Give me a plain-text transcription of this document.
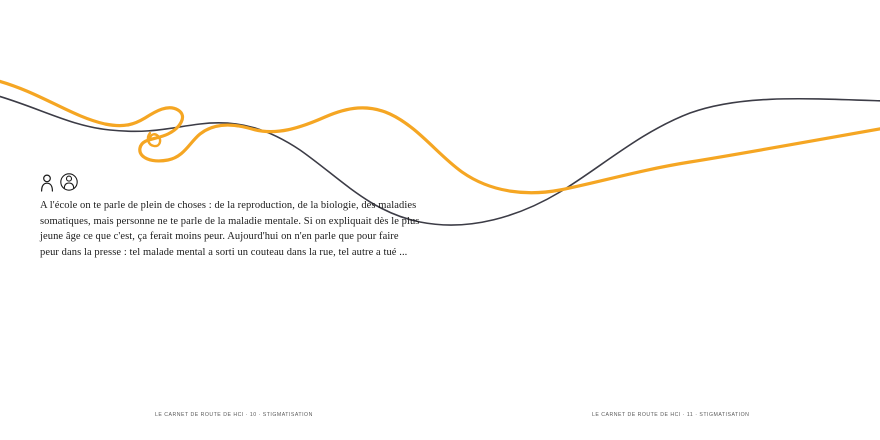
A l'école on te parle de plein de choses : de la reproduction, de la biologie, des maladies somatiques, mais personne ne te parle de la maladie mentale. Si on expliquait dès le plus jeune âge ce que c'est, ça ferait moins peur. Aujourd'hui on n'en parle que pour faire peur dans la presse : tel malade mental a sorti un couteau dans la rue, tel autre a tué ...
LE CARNET DE ROUTE DE HCI · 10 · STIGMATISATION	LE CARNET DE ROUTE DE HCI · 11 · STIGMATISATION
